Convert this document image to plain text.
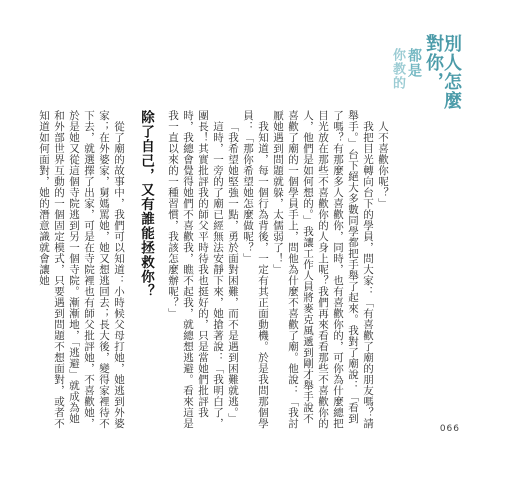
別人怎麼對你，
都是
你教的

人不喜歡你呢？」

我把目光轉向台下的學員，問大家：「有喜歡了廟的朋友嗎？請舉手。」台下絕大多數同學都把手舉了起來。我對了廟說：「看到了嗎？有那麼多人喜歡你，同時，也有喜歡你的，可你為什麼總把目光放在那些不喜歡你的人身上呢？我們再來看看那些不喜歡你的人，他們是如何想的。」我讓工作人員將麥克風遞到剛才舉手說不喜歡了廟的一個學員手上，問他為什麼不喜歡了廟。他說：「我討厭她遇到問題就躲，太儒弱了！」

我知道，每一個行為背後，一定有其正面動機。於是我問那個學員：「那你希望她怎麼做呢？」

「我希望她堅強一點，勇於面對困難，而不是遇到困難就逃。」

這時，一旁的了廟已經無法安靜下來，她搶著說：「我明白了，團長！其實批評我的師父平時待我也挺好的，只是當她們批評我時，我總會覺得她們不喜歡我，瞧不起我，就總想逃避。看來這是我一直以來的一種習慣，我該怎麼辦呢？」

除了自己，又有誰能拯救你？

從了廟的故事中，我們可以知道：小時候父母打她，她逃到外婆家；在外婆家，舅媽罵她，她又想逃回去；長大後，變得家裡待不下去，就選擇了出家，可是在寺院裡也有師父批評她，不喜歡她，於是她又從這個寺院逃到另一個寺院。漸漸地，「逃避」就成為她和外部世界互動的一個固定模式，只要遇到問題不想面對，或者不知道如何面對，她的潛意識就會讓她

066
